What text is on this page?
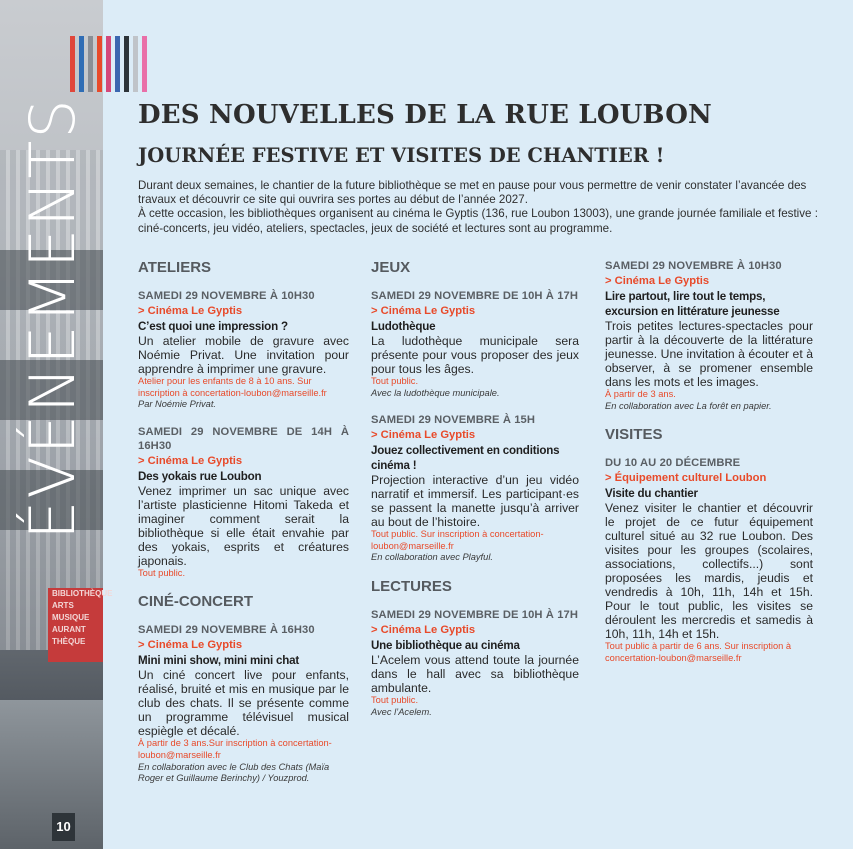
BIBLIOTHÈQUE
ARTS MUSIQUE
AURANT
THÈQUE
ÉVÉNEMENTS
10
DES NOUVELLES DE LA RUE LOUBON
JOURNÉE FESTIVE ET VISITES DE CHANTIER !

Durant deux semaines, le chantier de la future bibliothèque se met en pause pour vous permettre de venir constater l’avancée des travaux et découvrir ce site qui ouvrira ses portes au début de l’année 2027.

À cette occasion, les bibliothèques organisent au cinéma le Gyptis (136, rue Loubon 13003), une grande journée familiale et festive : ciné-concerts, jeu vidéo, ateliers, spectacles, jeux de société et lectures sont au programme.

ATELIERS
SAMEDI 29 NOVEMBRE À 10H30
> Cinéma Le Gyptis
C’est quoi une impression ?
Un atelier mobile de gravure avec Noémie Privat. Une invitation pour apprendre à imprimer une gravure.
Atelier pour les enfants de 8 à 10 ans. Sur inscription à concertation-loubon@marseille.fr
Par Noémie Privat.
SAMEDI 29 NOVEMBRE DE 14H À 16H30
> Cinéma Le Gyptis
Des yokais rue Loubon
Venez imprimer un sac unique avec l’artiste plasticienne Hitomi Takeda et imaginer comment serait la bibliothèque si elle était envahie par des yokais, esprits et créatures japonais.
Tout public.
CINÉ-CONCERT
SAMEDI 29 NOVEMBRE À 16H30
> Cinéma Le Gyptis
Mini mini show, mini mini chat
Un ciné concert live pour enfants, réalisé, bruité et mis en musique par le club des chats. Il se présente comme un programme télévisuel musical espiègle et décalé.
À partir de 3 ans.Sur inscription à concertation-loubon@marseille.fr
En collaboration avec le Club des Chats (Maïa Roger et Guillaume Berinchy) / Youzprod.
JEUX
SAMEDI 29 NOVEMBRE DE 10H À 17H
> Cinéma Le Gyptis
Ludothèque
La ludothèque municipale sera présente pour vous proposer des jeux pour tous les âges.
Tout public.
Avec la ludothèque municipale.
SAMEDI 29 NOVEMBRE À 15H
> Cinéma Le Gyptis
Jouez collectivement en conditions cinéma !
Projection interactive d’un jeu vidéo narratif et immersif. Les participant·es se passent la manette jusqu’à arriver au bout de l’histoire.
Tout public. Sur inscription à concertation-loubon@marseille.fr
En collaboration avec Playful.
LECTURES
SAMEDI 29 NOVEMBRE DE 10H À 17H
> Cinéma Le Gyptis
Une bibliothèque au cinéma
L’Acelem vous attend toute la journée dans le hall avec sa bibliothèque ambulante.
Tout public.
Avec l’Acelem.
SAMEDI 29 NOVEMBRE À 10H30
> Cinéma Le Gyptis
Lire partout, lire tout le temps, excursion en littérature jeunesse
Trois petites lectures-spectacles pour partir à la découverte de la littérature jeunesse. Une invitation à écouter et à observer, à se promener ensemble dans les mots et les images.
À partir de 3 ans.
En collaboration avec La forêt en papier.
VISITES
DU 10 AU 20 DÉCEMBRE
> Équipement culturel Loubon
Visite du chantier
Venez visiter le chantier et découvrir le projet de ce futur équipement culturel situé au 32 rue Loubon. Des visites pour les groupes (scolaires, associations, collectifs...) sont proposées les mardis, jeudis et vendredis à 10h, 11h, 14h et 15h. Pour le tout public, les visites se déroulent les mercredis et samedis à 10h, 11h, 14h et 15h.
Tout public à partir de 6 ans. Sur inscription à concertation-loubon@marseille.fr
